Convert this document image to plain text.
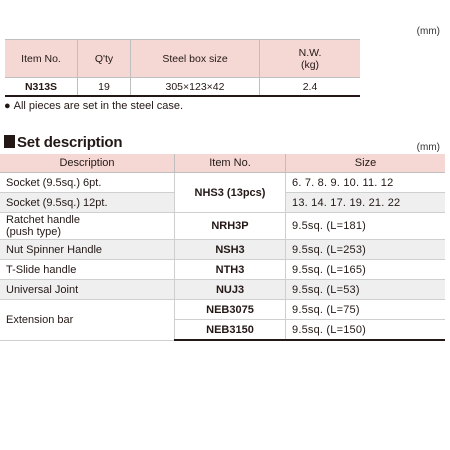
(mm)
Item No.	Q'ty	Steel box size	N.W.
(kg)
N313S	19	305×123×42	2.4
● All pieces are set in the steel case.
Set description	(mm)
Description	Item No.	Size
Socket (9.5sq.) 6pt.	NHS3 (13pcs)	6. 7. 8. 9. 10. 11. 12
Socket (9.5sq.) 12pt.		13. 14. 17. 19. 21. 22
Ratchet handle
(push type)	NRH3P	9.5sq. (L=181)
Nut Spinner Handle	NSH3	9.5sq. (L=253)
T-Slide handle	NTH3	9.5sq. (L=165)
Universal Joint	NUJ3	9.5sq. (L=53)
Extension bar	NEB3075	9.5sq. (L=75)
	NEB3150	9.5sq. (L=150)
